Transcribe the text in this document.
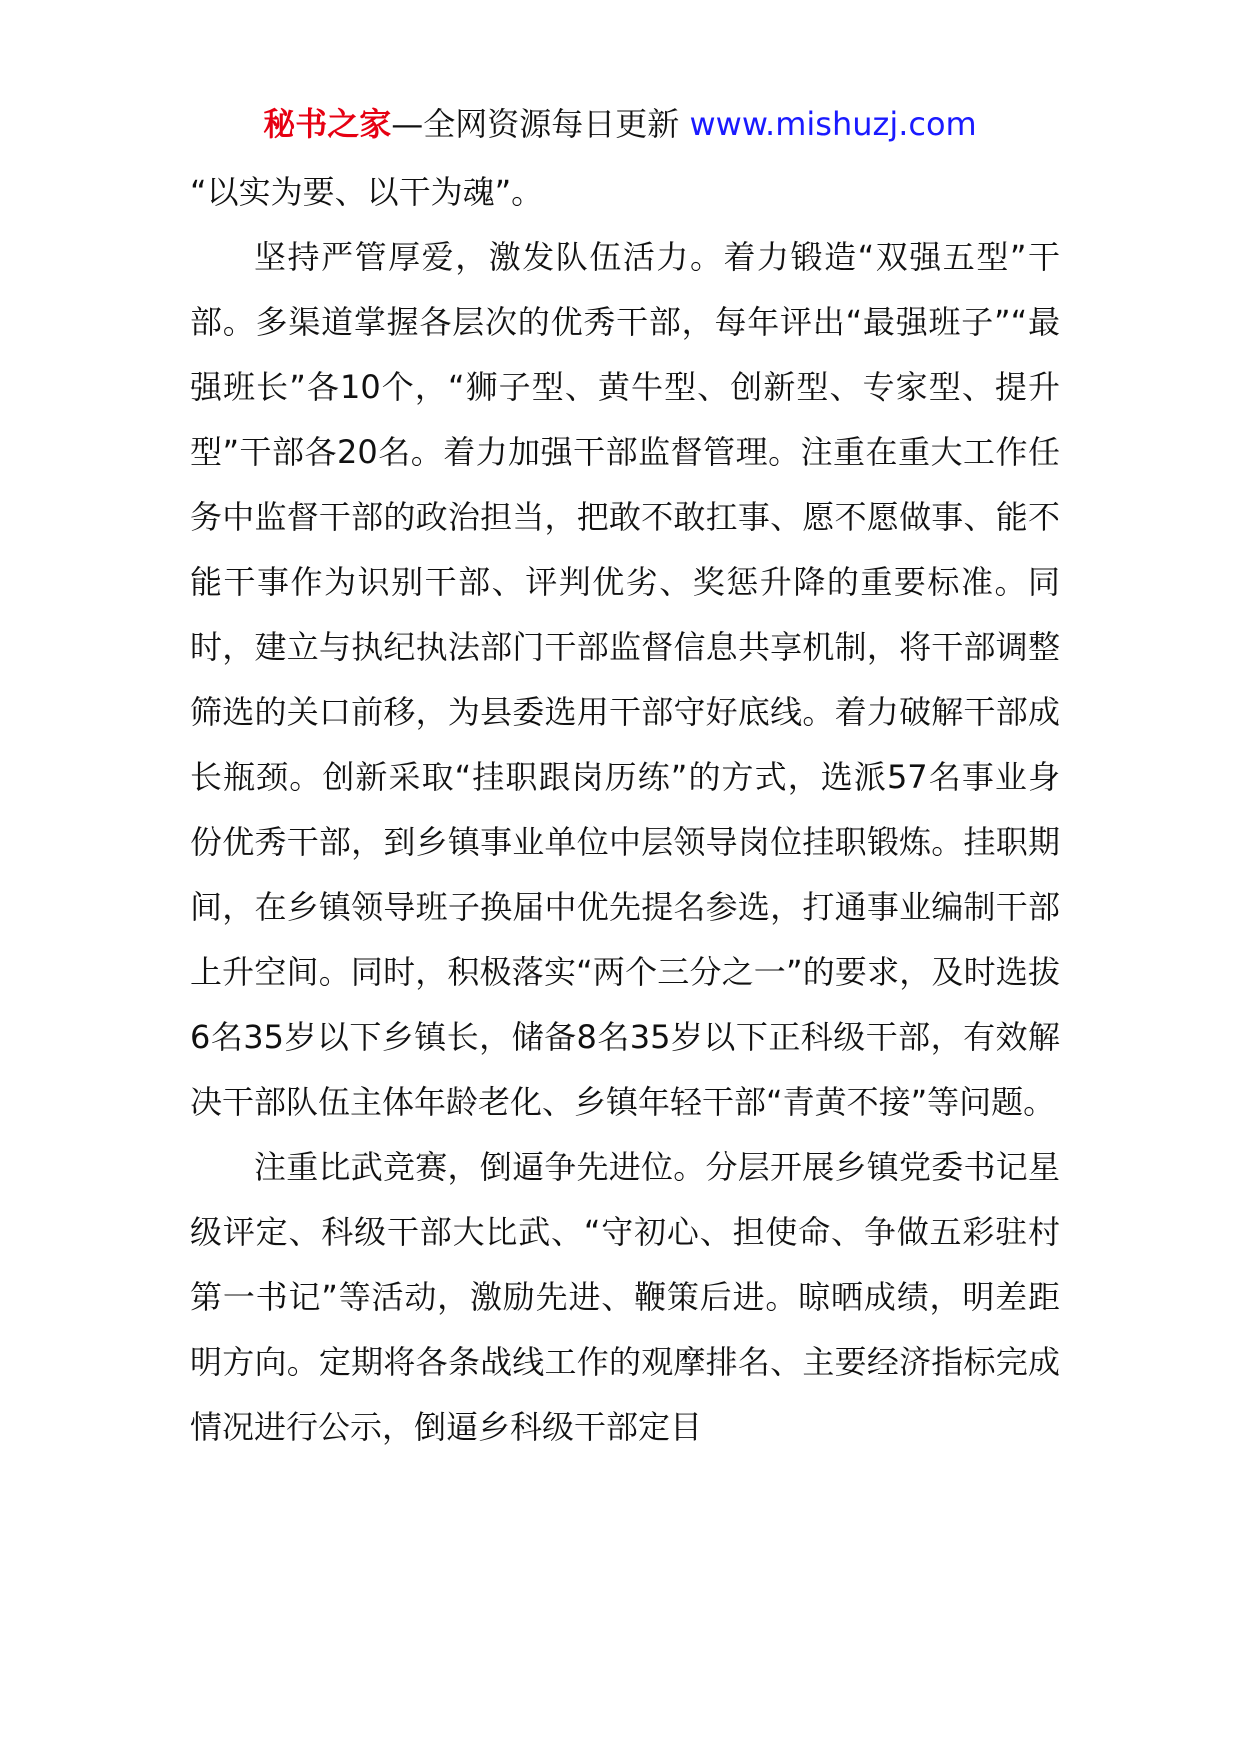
秘书之家—全网资源每日更新 www.mishuzj.com

“以实为要、以干为魂”。

坚持严管厚爱，激发队伍活力。着力锻造“双强五型”干部。多渠道掌握各层次的优秀干部，每年评出“最强班子”“最强班长”各10个，“狮子型、黄牛型、创新型、专家型、提升型”干部各20名。着力加强干部监督管理。注重在重大工作任务中监督干部的政治担当，把敢不敢扛事、愿不愿做事、能不能干事作为识别干部、评判优劣、奖惩升降的重要标准。同时，建立与执纪执法部门干部监督信息共享机制，将干部调整筛选的关口前移，为县委选用干部守好底线。着力破解干部成长瓶颈。创新采取“挂职跟岗历练”的方式，选派57名事业身份优秀干部，到乡镇事业单位中层领导岗位挂职锻炼。挂职期间，在乡镇领导班子换届中优先提名参选，打通事业编制干部上升空间。同时，积极落实“两个三分之一”的要求，及时选拔6名35岁以下乡镇长，储备8名35岁以下正科级干部，有效解决干部队伍主体年龄老化、乡镇年轻干部“青黄不接”等问题。

注重比武竞赛，倒逼争先进位。分层开展乡镇党委书记星级评定、科级干部大比武、“守初心、担使命、争做五彩驻村第一书记”等活动，激励先进、鞭策后进。晾晒成绩，明差距明方向。定期将各条战线工作的观摩排名、主要经济指标完成情况进行公示，倒逼乡科级干部定目
